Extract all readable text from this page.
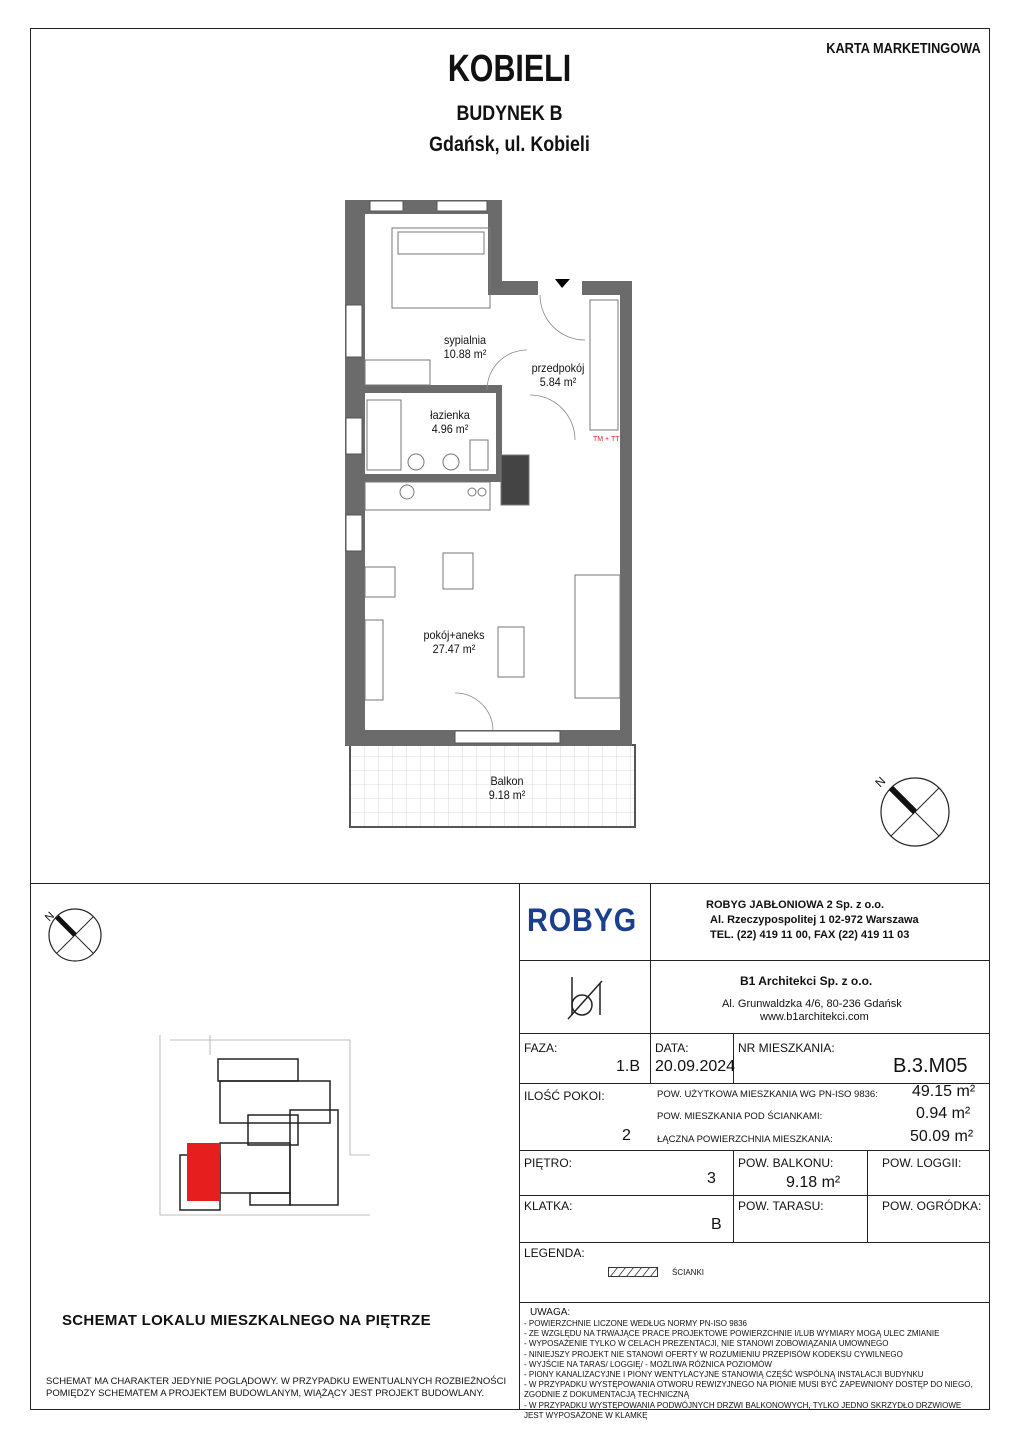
KOBIELI
BUDYNEK B
Gdańsk, ul. Kobieli
KARTA MARKETINGOWA
N
sypialnia
10.88 m²
przedpokój
5.84 m²
łazienka
4.96 m²
pokój+aneks
27.47 m²
Balkon
9.18 m²
TM + TT
N
SCHEMAT LOKALU MIESZKALNEGO NA PIĘTRZE
SCHEMAT MA CHARAKTER JEDYNIE POGLĄDOWY. W PRZYPADKU EWENTUALNYCH ROZBIEŻNOŚCI
POMIĘDZY SCHEMATEM A PROJEKTEM BUDOWLANYM, WIĄŻĄCY JEST PROJEKT BUDOWLANY.
ROBYG	ROBYG JABŁONIOWA 2 Sp. z o.o.
Al. Rzeczypospolitej 1 02-972 Warszawa
TEL. (22) 419 11 00, FAX (22) 419 11 03
B1 Architekci Sp. z o.o.
Al. Grunwaldzka 4/6, 80-236 Gdańsk
www.b1architekci.com
FAZA:
1.B
DATA:
20.09.2024
NR MIESZKANIA:
B.3.M05
ILOŚĆ POKOI:
2
POW. UŻYTKOWA MIESZKANIA WG PN-ISO 9836: 49.15 m²
POW. MIESZKANIA POD ŚCIANKAMI:	0.94 m²
ŁĄCZNA POWIERZCHNIA MIESZKANIA:	50.09 m²
PIĘTRO:
3
POW. BALKONU:
9.18 m²
POW. LOGGII:
KLATKA:
B
POW. TARASU:	POW. OGRÓDKA:
LEGENDA:
ŚCIANKI
UWAGA:
- POWIERZCHNIE LICZONE WEDŁUG NORMY PN-ISO 9836
- ZE WZGLĘDU NA TRWAJĄCE PRACE PROJEKTOWE POWIERZCHNIE I/LUB WYMIARY MOGĄ ULEC ZMIANIE
- WYPOSAŻENIE TYLKO W CELACH PREZENTACJI, NIE STANOWI ZOBOWIĄZANIA UMOWNEGO
- NINIEJSZY PROJEKT NIE STANOWI OFERTY W ROZUMIENIU PRZEPISÓW KODEKSU CYWILNEGO
- WYJŚCIE NA TARAS/ LOGGIĘ/ - MOŻLIWA RÓŻNICA POZIOMÓW
- PIONY KANALIZACYJNE I PIONY WENTYLACYJNE STANOWIĄ CZĘŚĆ WSPÓLNĄ INSTALACJI BUDYNKU
- W PRZYPADKU WYSTĘPOWANIA OTWORU REWIZYJNEGO NA PIONIE MUSI BYĆ ZAPEWNIONY DOSTĘP DO NIEGO,
ZGODNIE Z DOKUMENTACJĄ TECHNICZNĄ
- W PRZYPADKU WYSTĘPOWANIA PODWÓJNYCH DRZWI BALKONOWYCH, TYLKO JEDNO SKRZYDŁO DRZWIOWE
JEST WYPOSAŻONE W KLAMKĘ
